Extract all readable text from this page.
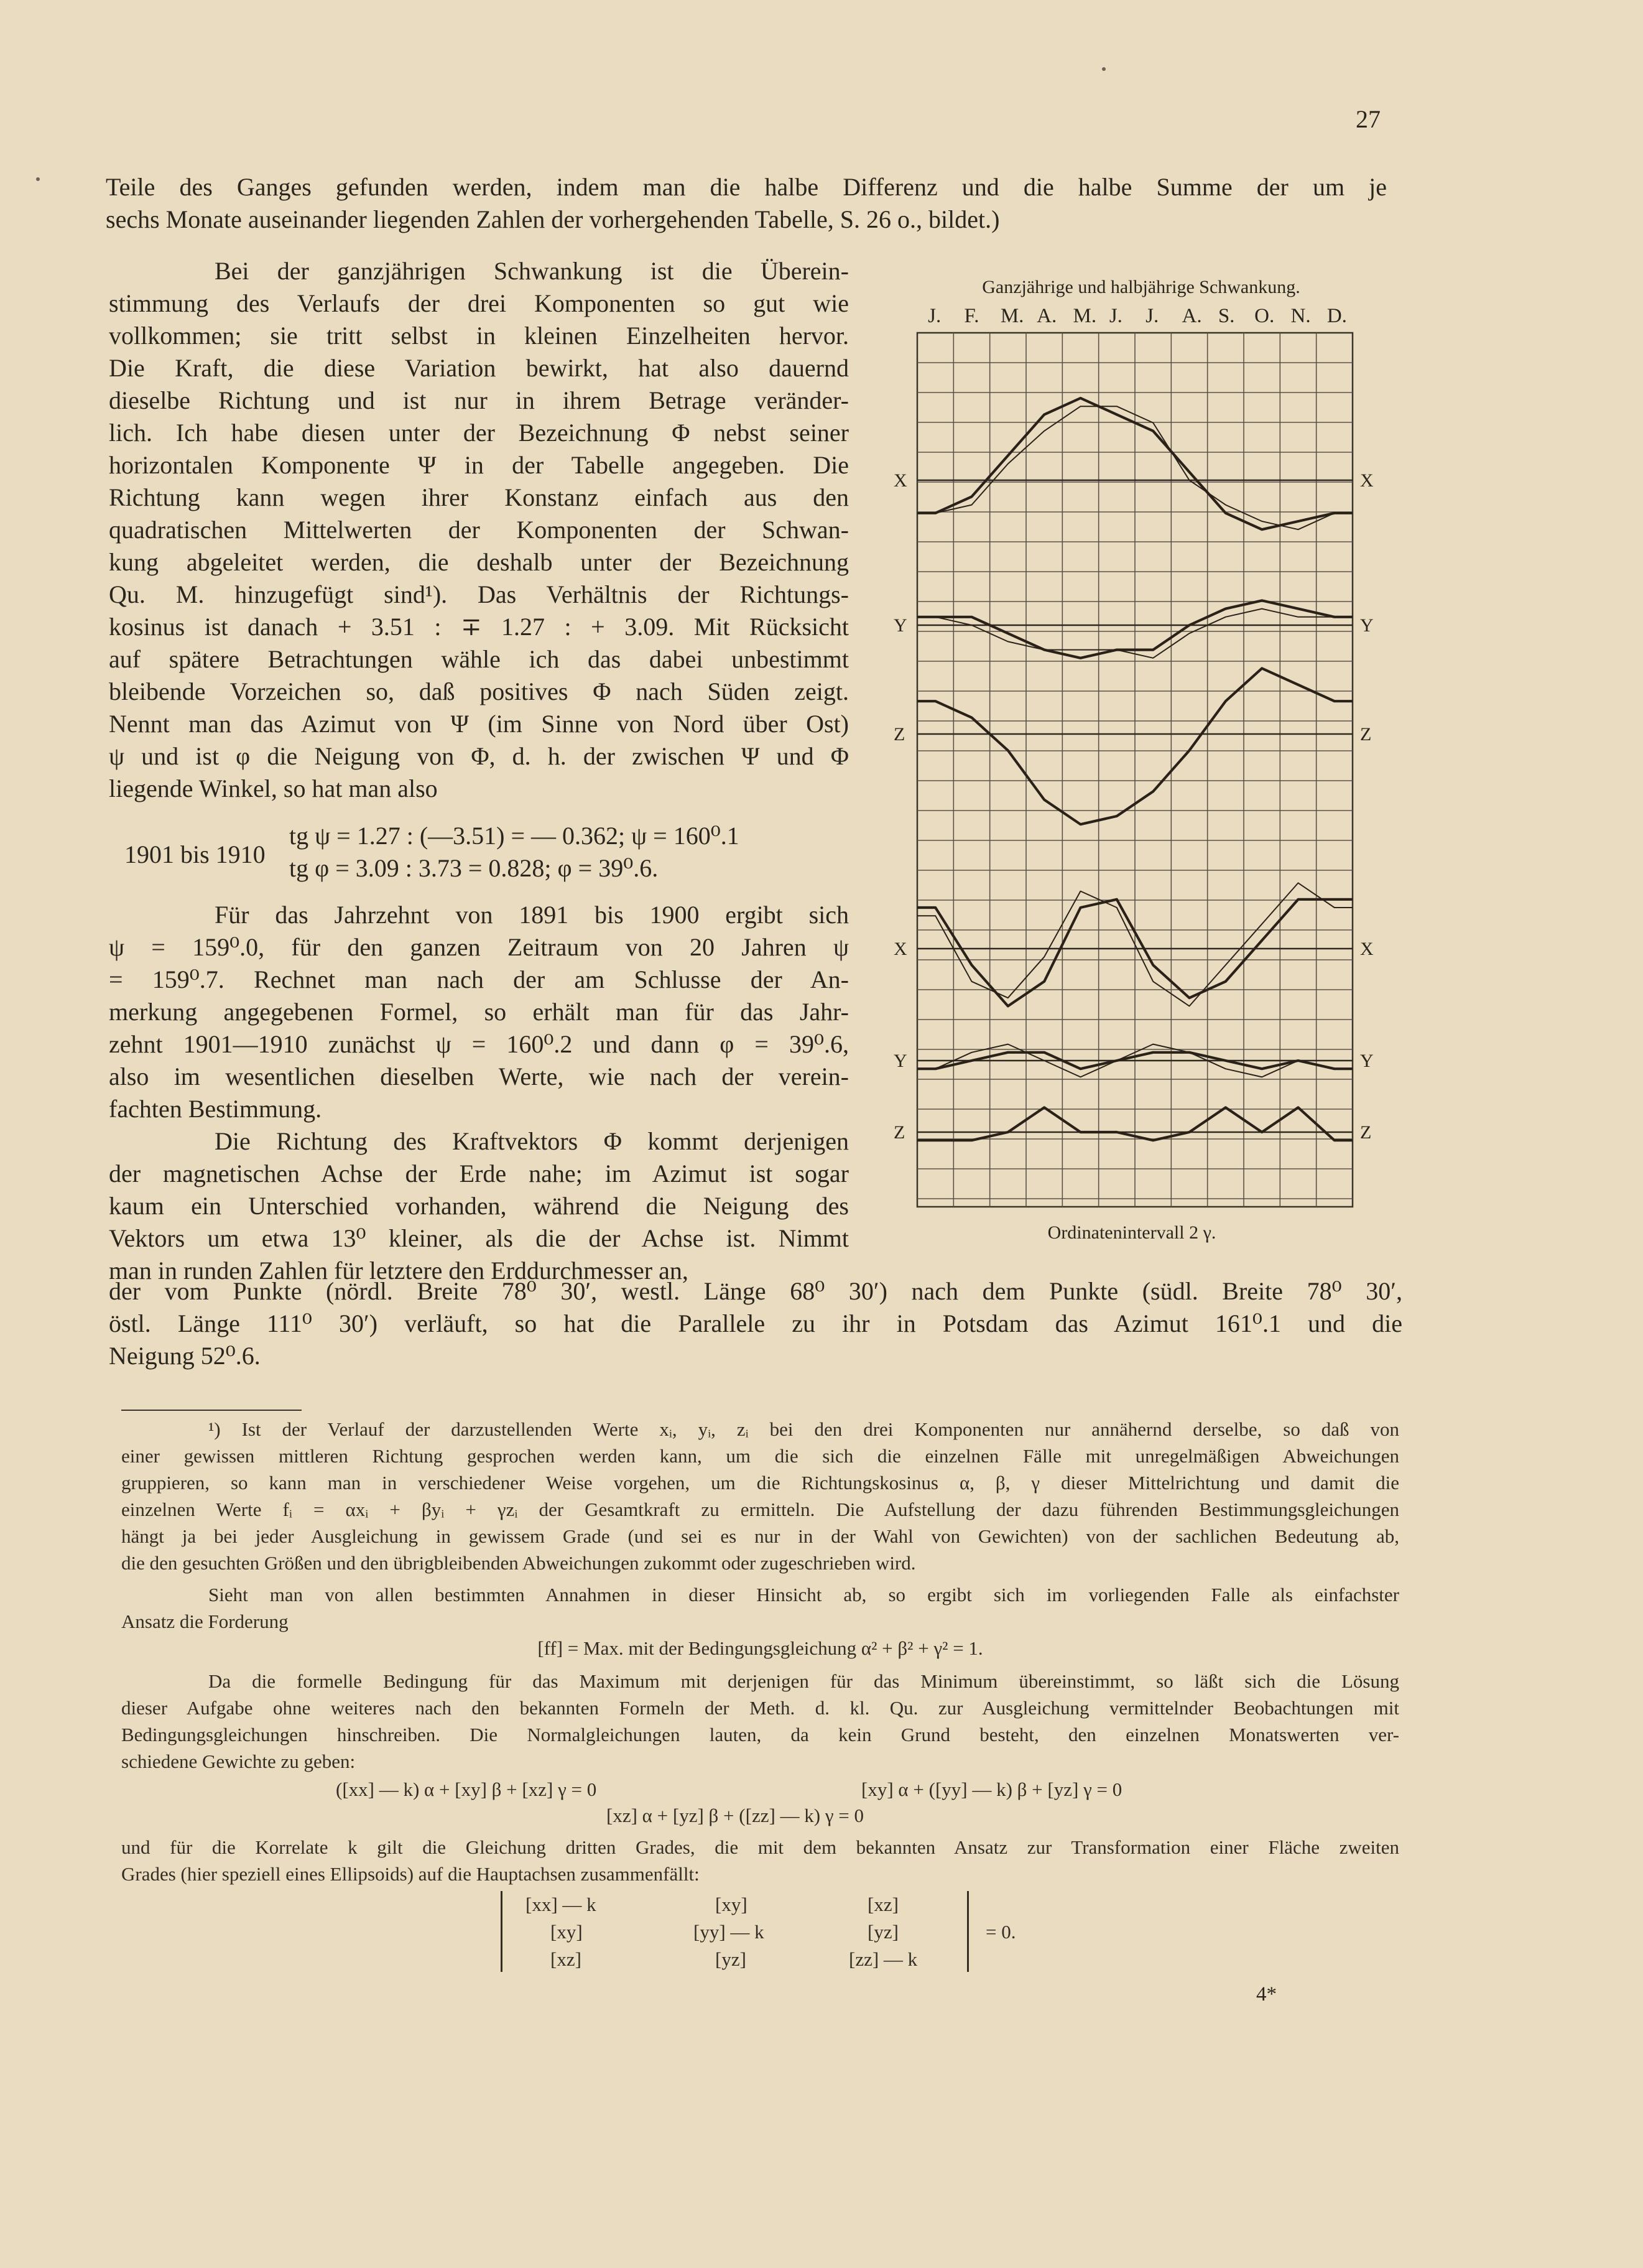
27
Teile des Ganges gefunden werden, indem man die halbe Differenz und die halbe Summe der um je
sechs Monate auseinander liegenden Zahlen der vorhergehenden Tabelle, S. 26 o., bildet.)
Bei der ganzjährigen Schwankung ist die Überein-
stimmung des Verlaufs der drei Komponenten so gut wie
vollkommen; sie tritt selbst in kleinen Einzelheiten hervor.
Die Kraft, die diese Variation bewirkt, hat also dauernd
dieselbe Richtung und ist nur in ihrem Betrage veränder-
lich. Ich habe diesen unter der Bezeichnung Φ nebst seiner
horizontalen Komponente Ψ in der Tabelle angegeben. Die
Richtung kann wegen ihrer Konstanz einfach aus den
quadratischen Mittelwerten der Komponenten der Schwan-
kung abgeleitet werden, die deshalb unter der Bezeichnung
Qu. M. hinzugefügt sind¹). Das Verhältnis der Richtungs-
kosinus ist danach + 3.51 : ∓ 1.27 : + 3.09. Mit Rücksicht
auf spätere Betrachtungen wähle ich das dabei unbestimmt
bleibende Vorzeichen so, daß positives Φ nach Süden zeigt.
Nennt man das Azimut von Ψ (im Sinne von Nord über Ost)
ψ und ist φ die Neigung von Φ, d. h. der zwischen Ψ und Φ
liegende Winkel, so hat man also
1901 bis 1910
tg ψ = 1.27 : (—3.51) = — 0.362; ψ = 160⁰.1
tg φ = 3.09 : 3.73 = 0.828; φ = 39⁰.6.
Für das Jahrzehnt von 1891 bis 1900 ergibt sich
ψ = 159⁰.0, für den ganzen Zeitraum von 20 Jahren ψ
= 159⁰.7. Rechnet man nach der am Schlusse der An-
merkung angegebenen Formel, so erhält man für das Jahr-
zehnt 1901—1910 zunächst ψ = 160⁰.2 und dann φ = 39⁰.6,
also im wesentlichen dieselben Werte, wie nach der verein-
fachten Bestimmung.
Die Richtung des Kraftvektors Φ kommt derjenigen
der magnetischen Achse der Erde nahe; im Azimut ist sogar
kaum ein Unterschied vorhanden, während die Neigung des
Vektors um etwa 13⁰ kleiner, als die der Achse ist. Nimmt
man in runden Zahlen für letztere den Erddurchmesser an,
der vom Punkte (nördl. Breite 78⁰ 30′, westl. Länge 68⁰ 30′) nach dem Punkte (südl. Breite 78⁰ 30′,
östl. Länge 111⁰ 30′) verläuft, so hat die Parallele zu ihr in Potsdam das Azimut 161⁰.1 und die
Neigung 52⁰.6.
Ganzjährige und halbjährige Schwankung.
J. F. M. A. M. J. J. A. S. O. N. D.
X	X
Y	Y
Z	Z
X	X
Y	Y
Z	Z
Ordinatenintervall 2 γ.
¹) Ist der Verlauf der darzustellenden Werte xᵢ, yᵢ, zᵢ bei den drei Komponenten nur annähernd derselbe, so daß von
einer gewissen mittleren Richtung gesprochen werden kann, um die sich die einzelnen Fälle mit unregelmäßigen Abweichungen
gruppieren, so kann man in verschiedener Weise vorgehen, um die Richtungskosinus α, β, γ dieser Mittelrichtung und damit die
einzelnen Werte fᵢ = αxᵢ + βyᵢ + γzᵢ der Gesamtkraft zu ermitteln. Die Aufstellung der dazu führenden Bestimmungsgleichungen
hängt ja bei jeder Ausgleichung in gewissem Grade (und sei es nur in der Wahl von Gewichten) von der sachlichen Bedeutung ab,
die den gesuchten Größen und den übrigbleibenden Abweichungen zukommt oder zugeschrieben wird.
Sieht man von allen bestimmten Annahmen in dieser Hinsicht ab, so ergibt sich im vorliegenden Falle als einfachster
Ansatz die Forderung
[ff] = Max. mit der Bedingungsgleichung α² + β² + γ² = 1.
Da die formelle Bedingung für das Maximum mit derjenigen für das Minimum übereinstimmt, so läßt sich die Lösung
dieser Aufgabe ohne weiteres nach den bekannten Formeln der Meth. d. kl. Qu. zur Ausgleichung vermittelnder Beobachtungen mit
Bedingungsgleichungen hinschreiben. Die Normalgleichungen lauten, da kein Grund besteht, den einzelnen Monatswerten ver-
schiedene Gewichte zu geben:
([xx] — k) α + [xy] β + [xz] γ = 0	[xy] α + ([yy] — k) β + [yz] γ = 0
[xz] α + [yz] β + ([zz] — k) γ = 0
und für die Korrelate k gilt die Gleichung dritten Grades, die mit dem bekannten Ansatz zur Transformation einer Fläche zweiten
Grades (hier speziell eines Ellipsoids) auf die Hauptachsen zusammenfällt:
[xx] — k	[xy]	[xz]
[xy]	[yy] — k	[yz]
[xz]	[yz]	[zz] — k
= 0.
4*
